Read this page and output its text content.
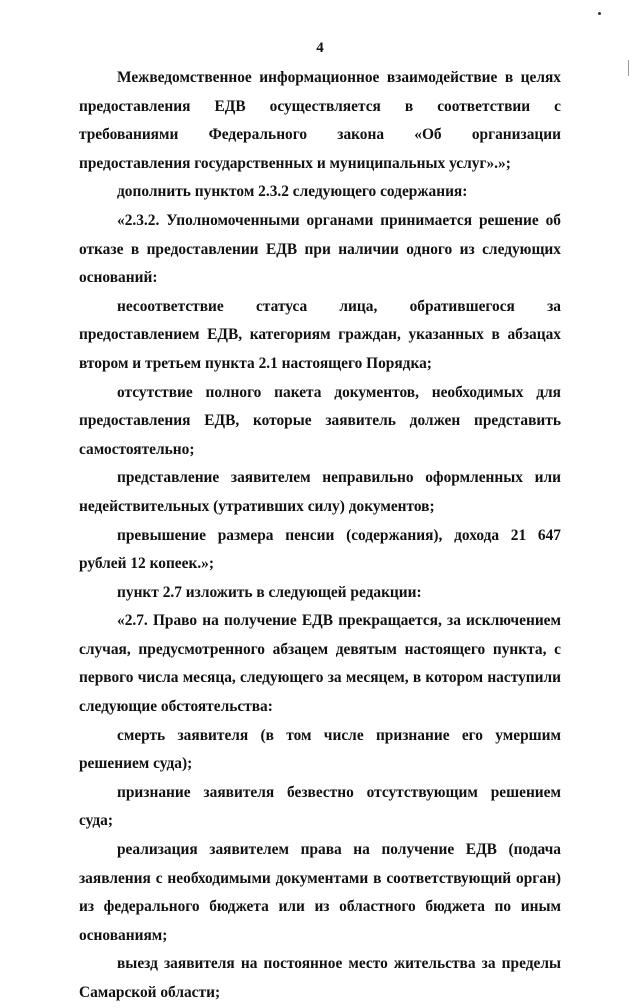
4

Межведомственное информационное взаимодействие в целях предоставления ЕДВ осуществляется в соответствии с требованиями Федерального закона «Об организации предоставления государственных и муниципальных услуг».»;

дополнить пунктом 2.3.2 следующего содержания:

«2.3.2. Уполномоченными органами принимается решение об отказе в предоставлении ЕДВ при наличии одного из следующих оснований:

несоответствие статуса лица, обратившегося за предоставлением ЕДВ, категориям граждан, указанных в абзацах втором и третьем пункта 2.1 настоящего Порядка;

отсутствие полного пакета документов, необходимых для предоставления ЕДВ, которые заявитель должен представить самостоятельно;

представление заявителем неправильно оформленных или недействительных (утративших силу) документов;

превышение размера пенсии (содержания), дохода 21 647 рублей 12 копеек.»;

пункт 2.7 изложить в следующей редакции:

«2.7. Право на получение ЕДВ прекращается, за исключением случая, предусмотренного абзацем девятым настоящего пункта, с первого числа месяца, следующего за месяцем, в котором наступили следующие обстоятельства:

смерть заявителя (в том числе признание его умершим решением суда);

признание заявителя безвестно отсутствующим решением суда;

реализация заявителем права на получение ЕДВ (подача заявления с необходимыми документами в соответствующий орган) из федерального бюджета или из областного бюджета по иным основаниям;

выезд заявителя на постоянное место жительства за пределы Самарской области;
